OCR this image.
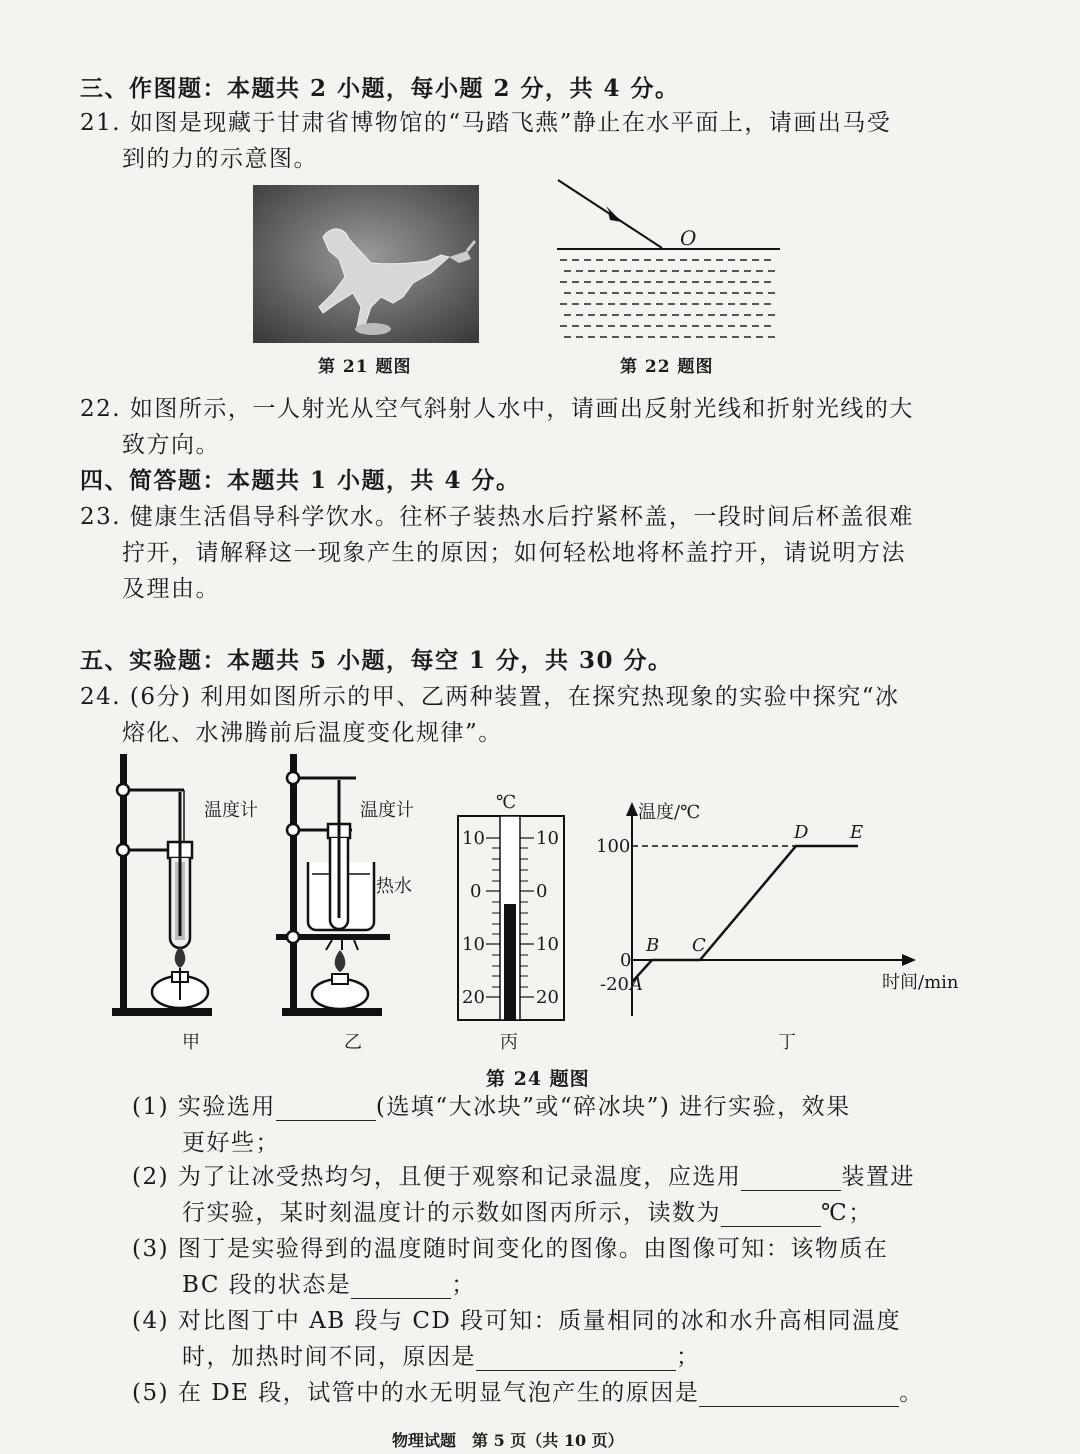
三、作图题：本题共 2 小题，每小题 2 分，共 4 分。
21. 如图是现藏于甘肃省博物馆的“马踏飞燕”静止在水平面上，请画出马受
到的力的示意图。
第 21 题图
O
第 22 题图
22. 如图所示，一人射光从空气斜射人水中，请画出反射光线和折射光线的大
致方向。
四、简答题：本题共 1 小题，共 4 分。
23. 健康生活倡导科学饮水。往杯子装热水后拧紧杯盖，一段时间后杯盖很难
拧开，请解释这一现象产生的原因；如何轻松地将杯盖拧开，请说明方法
及理由。
五、实验题：本题共 5 小题，每空 1 分，共 30 分。
24. (6分) 利用如图所示的甲、乙两种装置，在探究热现象的实验中探究“冰
熔化、水沸腾前后温度变化规律”。
温度计
甲
温度计
热水
乙
℃
10
0
10
20
10
0
10
20
丙
温度/℃
100
0
-20 A
B C
D E
时间/min
丁
第 24 题图
(1) 实验选用	(选填“大冰块”或“碎冰块”) 进行实验，效果
更好些；
(2) 为了让冰受热均匀，且便于观察和记录温度，应选用	装置进
行实验，某时刻温度计的示数如图丙所示，读数为	℃；
(3) 图丁是实验得到的温度随时间变化的图像。由图像可知：该物质在
BC 段的状态是	；
(4) 对比图丁中 AB 段与 CD 段可知：质量相同的冰和水升高相同温度
时，加热时间不同，原因是	；
(5) 在 DE 段，试管中的水无明显气泡产生的原因是	。
物理试题　第 5 页（共 10 页）
